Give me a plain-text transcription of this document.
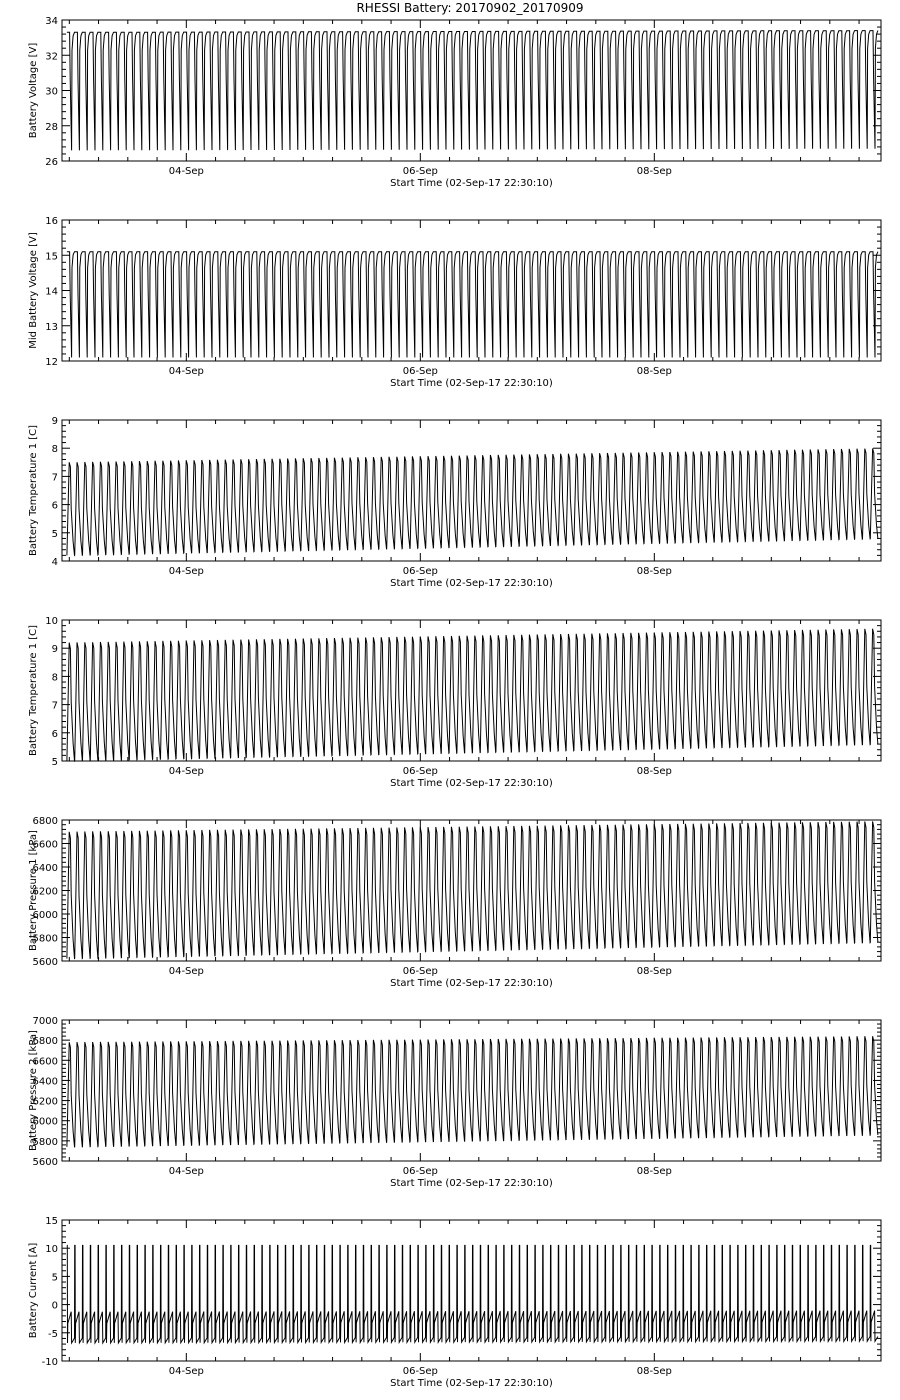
RHESSI Battery: 20170902_20170909
26
28
30
32
34
04-Sep	06-Sep	08-Sep
Start Time (02-Sep-17 22:30:10)
Battery Voltage [V]
12
13
14
15
16
04-Sep	06-Sep	08-Sep
Start Time (02-Sep-17 22:30:10)
Mid Battery Voltage [V]
4
5
6
7
8
9
04-Sep	06-Sep	08-Sep
Start Time (02-Sep-17 22:30:10)
Battery Temperature 1 [C]
5
6
7
8
9
10
04-Sep	06-Sep	08-Sep
Start Time (02-Sep-17 22:30:10)
Battery Temperature 1 [C]
5600
5800
6000
6200
6400
6600
6800
04-Sep	06-Sep	08-Sep
Start Time (02-Sep-17 22:30:10)
Battery Pressure 1 [kPa]
5600
5800
6000
6200
6400
6600
6800
7000
04-Sep	06-Sep	08-Sep
Start Time (02-Sep-17 22:30:10)
Battery Pressure 2 [kPa]
-10
-5
0
5
10
15
04-Sep	06-Sep	08-Sep
Start Time (02-Sep-17 22:30:10)
Battery Current [A]
